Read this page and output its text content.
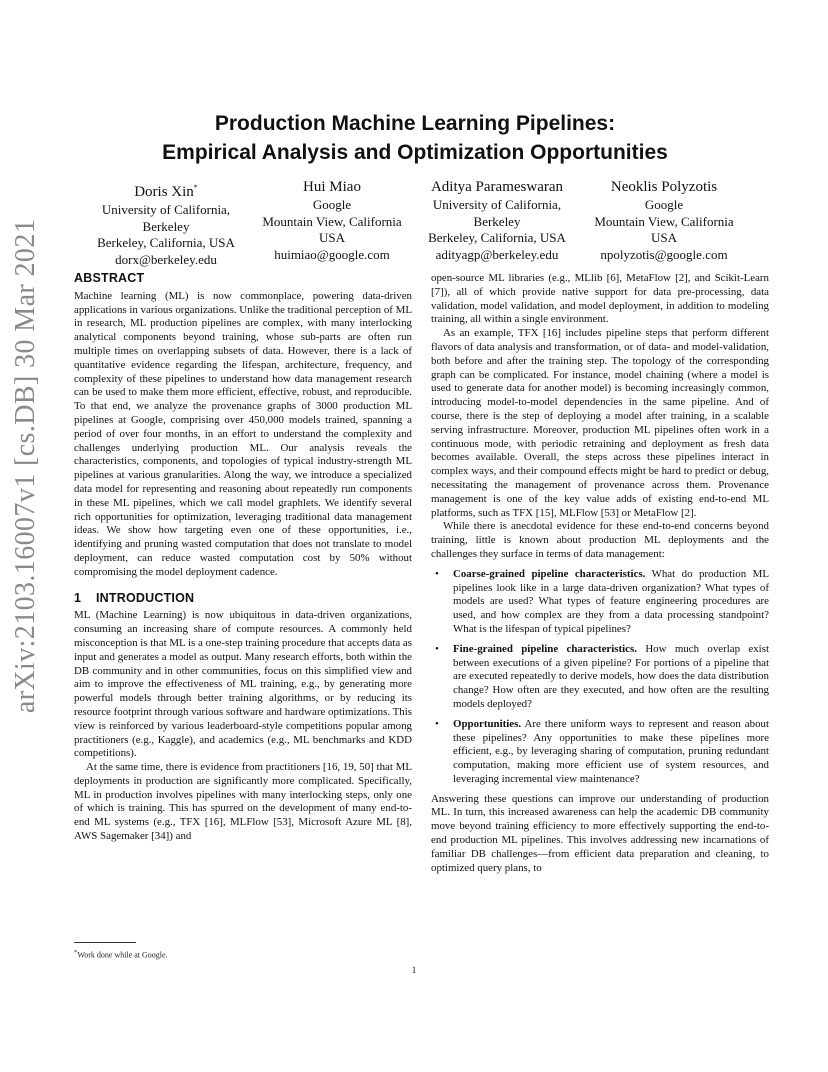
arXiv:2103.16007v1 [cs.DB] 30 Mar 2021
Production Machine Learning Pipelines:
Empirical Analysis and Optimization Opportunities
Doris Xin*
University of California,
Berkeley
Berkeley, California, USA
dorx@berkeley.edu
Hui Miao
Google
Mountain View, California
USA
huimiao@google.com
Aditya Parameswaran
University of California,
Berkeley
Berkeley, California, USA
adityagp@berkeley.edu
Neoklis Polyzotis
Google
Mountain View, California
USA
npolyzotis@google.com
ABSTRACT

Machine learning (ML) is now commonplace, powering data-driven applications in various organizations. Unlike the traditional perception of ML in research, ML production pipelines are complex, with many interlocking analytical components beyond training, whose sub-parts are often run multiple times on overlapping subsets of data. However, there is a lack of quantitative evidence regarding the lifespan, architecture, frequency, and complexity of these pipelines to understand how data management research can be used to make them more efficient, effective, robust, and reproducible. To that end, we analyze the provenance graphs of 3000 production ML pipelines at Google, comprising over 450,000 models trained, spanning a period of over four months, in an effort to understand the complexity and challenges underlying production ML. Our analysis reveals the characteristics, components, and topologies of typical industry-strength ML pipelines at various granularities. Along the way, we introduce a specialized data model for representing and reasoning about repeatedly run components in these ML pipelines, which we call model graphlets. We identify several rich opportunities for optimization, leveraging traditional data management ideas. We show how targeting even one of these opportunities, i.e., identifying and pruning wasted computation that does not translate to model deployment, can reduce wasted computation cost by 50% without compromising the model deployment cadence.

1 INTRODUCTION

ML (Machine Learning) is now ubiquitous in data-driven organizations, consuming an increasing share of compute resources. A commonly held misconception is that ML is a one-step training procedure that accepts data as input and generates a model as output. Many research efforts, both within the DB community and in other communities, focus on this simplified view and aim to improve the effectiveness of ML training, e.g., by generating more powerful models through better training algorithms, or by reducing its resource footprint through various software and hardware optimizations. This view is reinforced by various leaderboard-style competitions popular among practitioners (e.g., Kaggle), and academics (e.g., ML benchmarks and KDD competitions).

At the same time, there is evidence from practitioners [16, 19, 50] that ML deployments in production are significantly more complicated. Specifically, ML in production involves pipelines with many interlocking steps, only one of which is training. This has spurred on the development of many end-to-end ML systems (e.g., TFX [16], MLFlow [53], Microsoft Azure ML [8], AWS Sagemaker [34]) and

open-source ML libraries (e.g., MLlib [6], MetaFlow [2], and Scikit-Learn [7]), all of which provide native support for data pre-processing, data validation, model validation, and model deployment, in addition to modeling training, all within a single environment.

As an example, TFX [16] includes pipeline steps that perform different flavors of data analysis and transformation, or of data- and model-validation, both before and after the training step. The topology of the corresponding graph can be complicated. For instance, model chaining (where a model is used to generate data for another model) is becoming increasingly common, introducing model-to-model dependencies in the same pipeline. And of course, there is the step of deploying a model after training, in a scalable serving infrastructure. Moreover, production ML pipelines often work in a continuous mode, with periodic retraining and deployment as fresh data becomes available. Overall, the steps across these pipelines interact in complex ways, and their compound effects might be hard to predict or debug, necessitating the management of provenance across them. Provenance management is one of the key value adds of existing end-to-end ML platforms, such as TFX [15], MLFlow [53] or MetaFlow [2].

While there is anecdotal evidence for these end-to-end concerns beyond training, little is known about production ML deployments and the challenges they surface in terms of data management:

• Coarse-grained pipeline characteristics. What do production ML pipelines look like in a large data-driven organization? What types of models are used? What types of feature engineering procedures are used, and how complex are they from a data processing standpoint? What is the lifespan of typical pipelines?
• Fine-grained pipeline characteristics. How much overlap exist between executions of a given pipeline? For portions of a pipeline that are executed repeatedly to derive models, how does the data distribution change? How often are they executed, and how often are the resulting models deployed?
• Opportunities. Are there uniform ways to represent and reason about these pipelines? Any opportunities to make these pipelines more efficient, e.g., by leveraging sharing of computation, pruning redundant computation, making more efficient use of system resources, and leveraging incremental view maintenance?

Answering these questions can improve our understanding of production ML. In turn, this increased awareness can help the academic DB community move beyond training efficiency to more effectively supporting the end-to-end production ML pipelines. This involves addressing new incarnations of familiar DB challenges—from efficient data preparation and cleaning, to optimized query plans, to

*Work done while at Google.
1
